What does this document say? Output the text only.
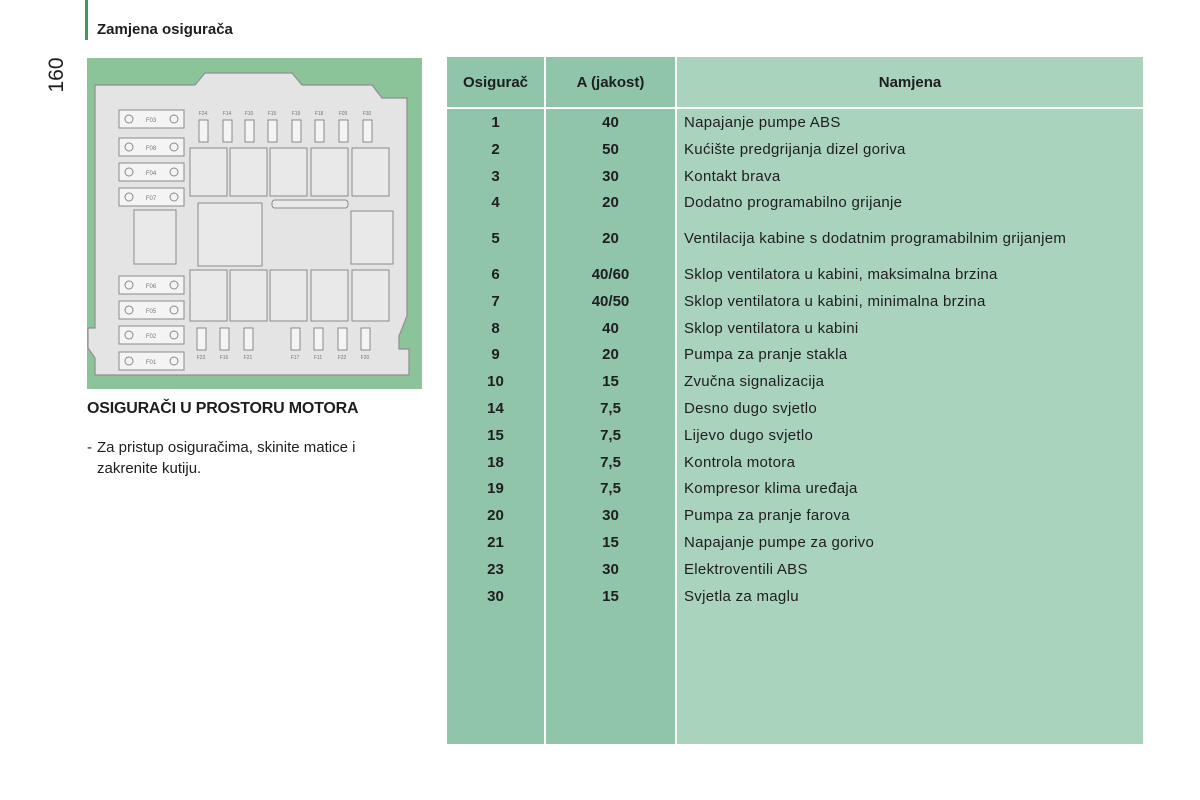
Zamjena osigurača
160
F03
F08
F04
F07
F06
F05
F02
F01
F24	F14	F10	F15	F19	F18	F09	F30
F23	F16	F21	F17	F11	F22	F20
OSIGURAČI U PROSTORU MOTORA
- Za pristup osiguračima, skinite matice i zakrenite kutiju.
Osigurač	A (jakost)	Namjena
1	40	Napajanje pumpe ABS
2	50	Kućište predgrijanja dizel goriva
3	30	Kontakt brava
4	20	Dodatno programabilno grijanje
5	20	Ventilacija kabine s dodatnim programabilnim grijanjem
6	40/60	Sklop ventilatora u kabini, maksimalna brzina
7	40/50	Sklop ventilatora u kabini, minimalna brzina
8	40	Sklop ventilatora u kabini
9	20	Pumpa za pranje stakla
10	15	Zvučna signalizacija
14	7,5	Desno dugo svjetlo
15	7,5	Lijevo dugo svjetlo
18	7,5	Kontrola motora
19	7,5	Kompresor klima uređaja
20	30	Pumpa za pranje farova
21	15	Napajanje pumpe za gorivo
23	30	Elektroventili ABS
30	15	Svjetla za maglu
